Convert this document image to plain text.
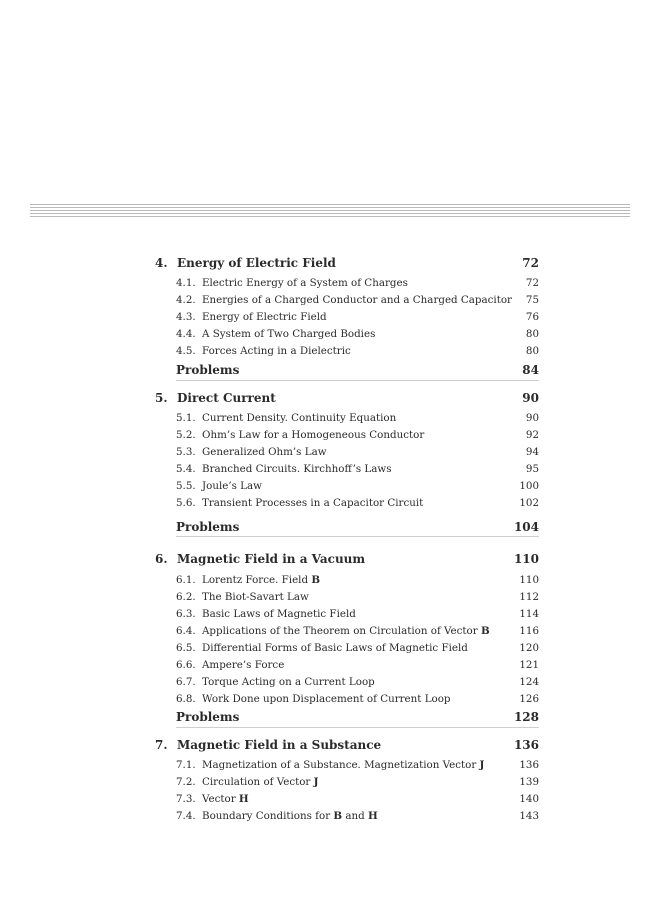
4. Energy of Electric Field	72
4.1. Electric Energy of a System of Charges	72
4.2. Energies of a Charged Conductor and a Charged Capacitor 75
4.3. Energy of Electric Field	76
4.4. A System of Two Charged Bodies	80
4.5. Forces Acting in a Dielectric	80
Problems	84
5. Direct Current	90
5.1. Current Density. Continuity Equation	90
5.2. Ohm’s Law for a Homogeneous Conductor	92
5.3. Generalized Ohm’s Law	94
5.4. Branched Circuits. Kirchhoff’s Laws	95
5.5. Joule’s Law	100
5.6. Transient Processes in a Capacitor Circuit	102
Problems	104
6. Magnetic Field in a Vacuum	110
6.1. Lorentz Force. Field B	110
6.2. The Biot-Savart Law	112
6.3. Basic Laws of Magnetic Field	114
6.4. Applications of the Theorem on Circulation of Vector B	116
6.5. Differential Forms of Basic Laws of Magnetic Field	120
6.6. Ampere’s Force	121
6.7. Torque Acting on a Current Loop	124
6.8. Work Done upon Displacement of Current Loop	126
Problems	128
7. Magnetic Field in a Substance	136
7.1. Magnetization of a Substance. Magnetization Vector J	136
7.2. Circulation of Vector J	139
7.3. Vector H	140
7.4. Boundary Conditions for B and H	143
